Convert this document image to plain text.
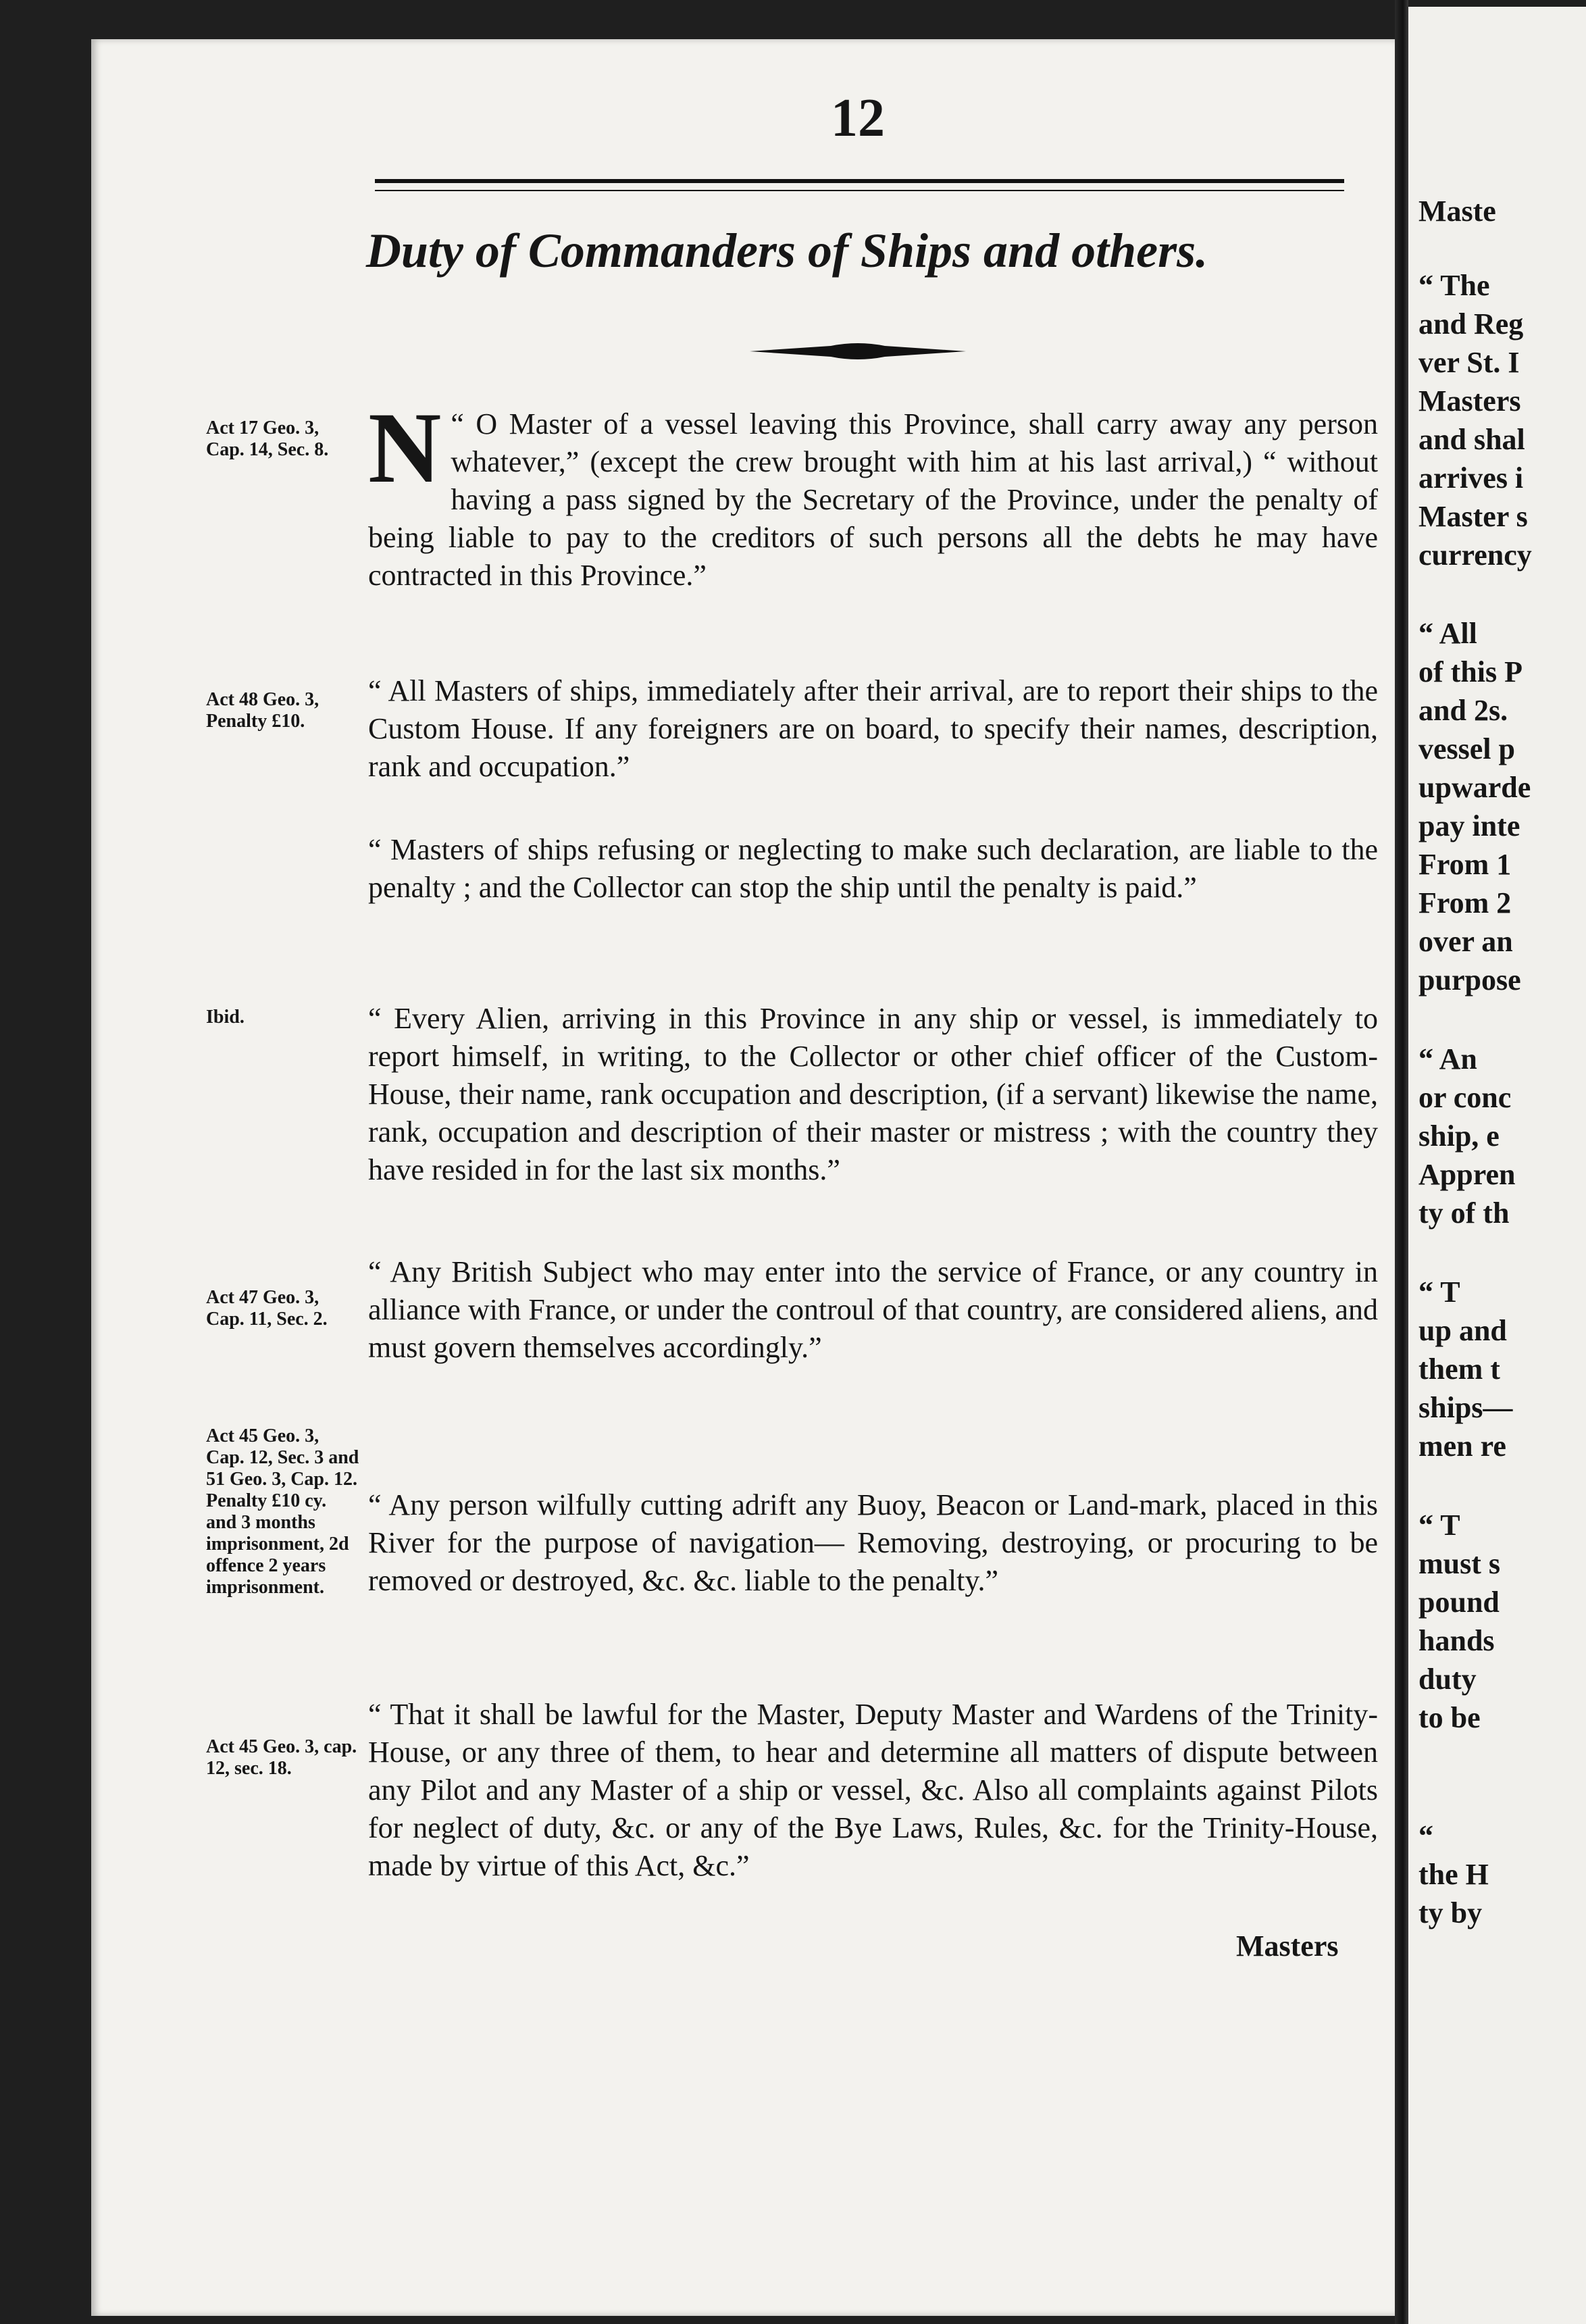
12
Duty of Commanders of Ships and others.
Act 17 Geo. 3, Cap. 14, Sec. 8. N “ O Master of a vessel leaving this Province, shall carry away any person whatever,” (except the crew brought with him at his last arrival,) “ without having a pass signed by the Secretary of the Province, under the penalty of being liable to pay to the creditors of such persons all the debts he may have contracted in this Province.”
Act 48 Geo. 3, Penalty £10.
“ All Masters of ships, immediately after their arrival, are to report their ships to the Custom House. If any foreigners are on board, to specify their names, description, rank and occupation.”
“ Masters of ships refusing or neglecting to make such declaration, are liable to the penalty ; and the Collector can stop the ship until the penalty is paid.”
Ibid.	“ Every Alien, arriving in this Province in any ship or vessel, is immediately to report himself, in writing, to the Collector or other chief officer of the Custom-House, their name, rank occupation and description, (if a servant) likewise the name, rank, occupation and description of their master or mistress ; with the country they have resided in for the last six months.”
Act 47 Geo. 3, Cap. 11, Sec. 2.
“ Any British Subject who may enter into the service of France, or any country in alliance with France, or under the controul of that country, are considered aliens, and must govern themselves accordingly.”
Act 45 Geo. 3, Cap. 12, Sec. 3 and 51 Geo. 3, Cap. 12. Penalty £10 cy. and 3 months imprisonment, 2d offence 2 years imprisonment.
“ Any person wilfully cutting adrift any Buoy, Beacon or Land-mark, placed in this River for the purpose of navigation— Removing, destroying, or procuring to be removed or destroyed, &c. &c. liable to the penalty.”
Act 45 Geo. 3, cap. 12, sec. 18.
“ That it shall be lawful for the Master, Deputy Master and Wardens of the Trinity-House, or any three of them, to hear and determine all matters of dispute between any Pilot and any Master of a ship or vessel, &c. Also all complaints against Pilots for neglect of duty, &c. or any of the Bye Laws, Rules, &c. for the Trinity-House, made by virtue of this Act, &c.”
Masters
Maste
“ The
and Reg
ver St. I
Masters
and shal
arrives i
Master s
currency
“ All
of this P
and 2s.
vessel p
upwarde
pay inte
From 1
From 2
over an
purpose
“ An
or conc
ship, e
Appren
ty of th
“ T
up and
them t
ships—
men re
“ T
must s
pound
hands
duty
to be
“
the H
ty by
